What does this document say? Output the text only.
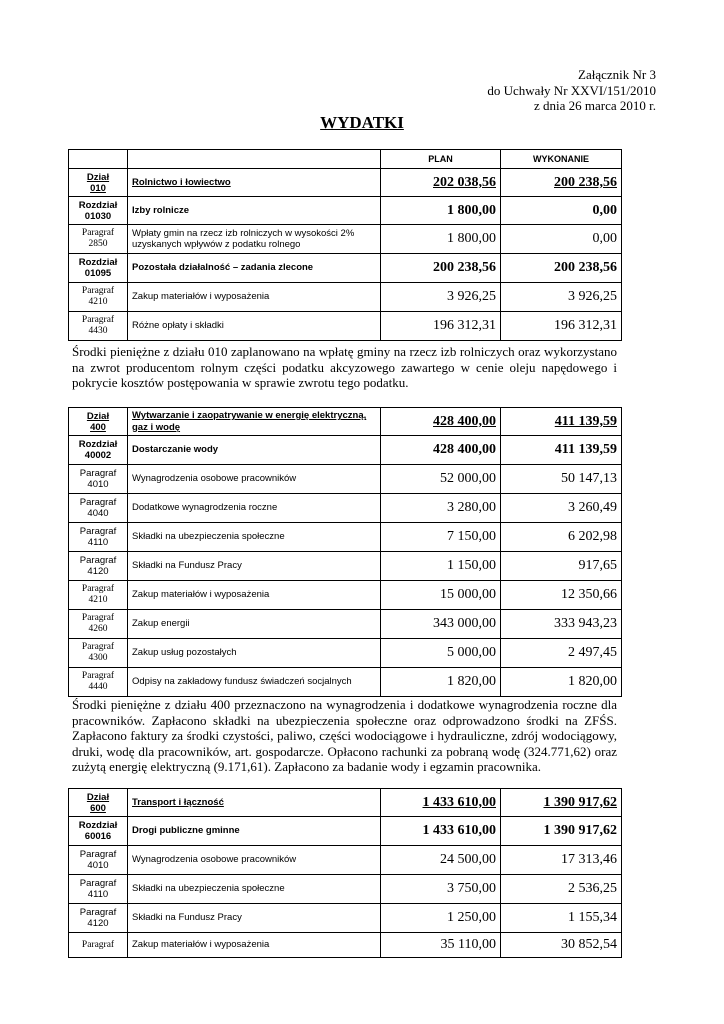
Załącznik Nr 3
do Uchwały Nr XXVI/151/2010
z dnia 26 marca 2010 r.
WYDATKI
		PLAN	WYKONANIE
Dział
010	Rolnictwo i łowiectwo	202 038,56	200 238,56
Rozdział
01030	Izby rolnicze	1 800,00	0,00
Paragraf
2850	Wpłaty gmin na rzecz izb rolniczych w wysokości 2% uzyskanych wpływów z podatku rolnego	1 800,00	0,00
Rozdział
01095	Pozostała działalność – zadania zlecone	200 238,56	200 238,56
Paragraf
4210	Zakup materiałów i wyposażenia	3 926,25	3 926,25
Paragraf
4430	Różne opłaty i składki	196 312,31	196 312,31
Środki pieniężne z działu 010 zaplanowano na wpłatę gminy na rzecz izb rolniczych oraz wykorzystano na zwrot producentom rolnym części podatku akcyzowego zawartego w cenie oleju napędowego i pokrycie kosztów postępowania w sprawie zwrotu tego podatku.
Dział
400	Wytwarzanie i zaopatrywanie w energię elektryczną, gaz i wodę	428 400,00	411 139,59
Rozdział
40002	Dostarczanie wody	428 400,00	411 139,59
Paragraf
4010	Wynagrodzenia osobowe pracowników	52 000,00	50 147,13
Paragraf
4040	Dodatkowe wynagrodzenia roczne	3 280,00	3 260,49
Paragraf
4110	Składki na ubezpieczenia społeczne	7 150,00	6 202,98
Paragraf
4120	Składki na Fundusz Pracy	1 150,00	917,65
Paragraf
4210	Zakup materiałów i wyposażenia	15 000,00	12 350,66
Paragraf
4260	Zakup energii	343 000,00	333 943,23
Paragraf
4300	Zakup usług pozostałych	5 000,00	2 497,45
Paragraf
4440	Odpisy na zakładowy fundusz świadczeń socjalnych	1 820,00	1 820,00
Środki pieniężne z działu 400 przeznaczono na wynagrodzenia i dodatkowe wynagrodzenia roczne dla pracowników. Zapłacono składki na ubezpieczenia społeczne oraz odprowadzono środki na ZFŚS. Zapłacono faktury za środki czystości, paliwo, części wodociągowe i hydrauliczne, zdrój wodociągowy, druki, wodę dla pracowników, art. gospodarcze. Opłacono rachunki za pobraną wodę (324.771,62) oraz zużytą energię elektryczną (9.171,61). Zapłacono za badanie wody i egzamin pracownika.
Dział
600	Transport i łączność	1 433 610,00	1 390 917,62
Rozdział
60016	Drogi publiczne gminne	1 433 610,00	1 390 917,62
Paragraf
4010	Wynagrodzenia osobowe pracowników	24 500,00	17 313,46
Paragraf
4110	Składki na ubezpieczenia społeczne	3 750,00	2 536,25
Paragraf
4120	Składki na Fundusz Pracy	1 250,00	1 155,34
Paragraf	Zakup materiałów i wyposażenia	35 110,00	30 852,54
